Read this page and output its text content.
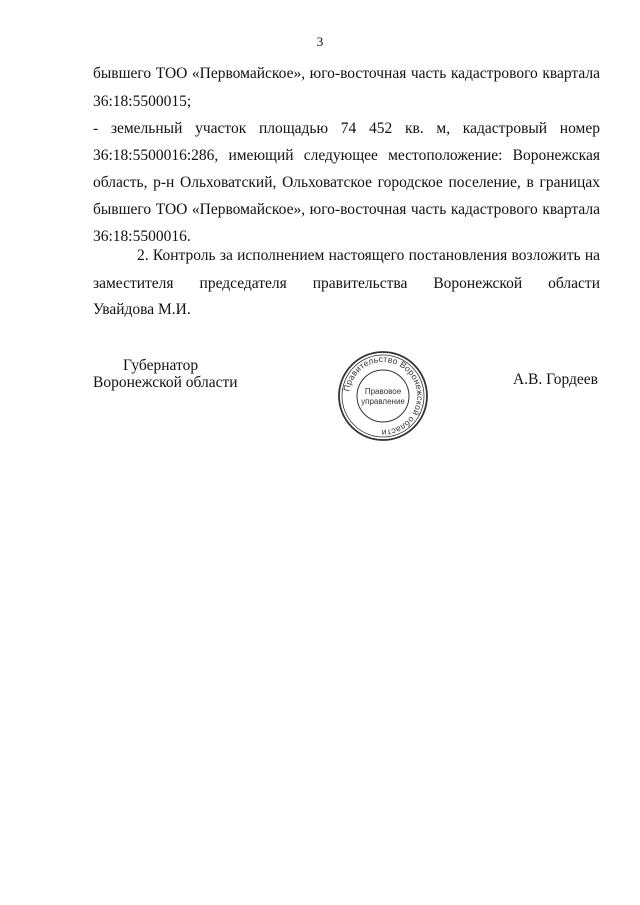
3
бывшего ТОО «Первомайское», юго-восточная часть кадастрового квартала
36:18:5500015;
- земельный участок площадью 74 452 кв. м, кадастровый номер
36:18:5500016:286, имеющий следующее местоположение: Воронежская
область, р-н Ольховатский, Ольховатское городское поселение, в границах
бывшего ТОО «Первомайское», юго-восточная часть кадастрового квартала
36:18:5500016.
2. Контроль за исполнением настоящего постановления возложить на
заместителя председателя правительства Воронежской области
Увайдова М.И.
Губернатор
Воронежской области	Правительство Воронежской области
Правовое
управление
А.В. Гордеев
